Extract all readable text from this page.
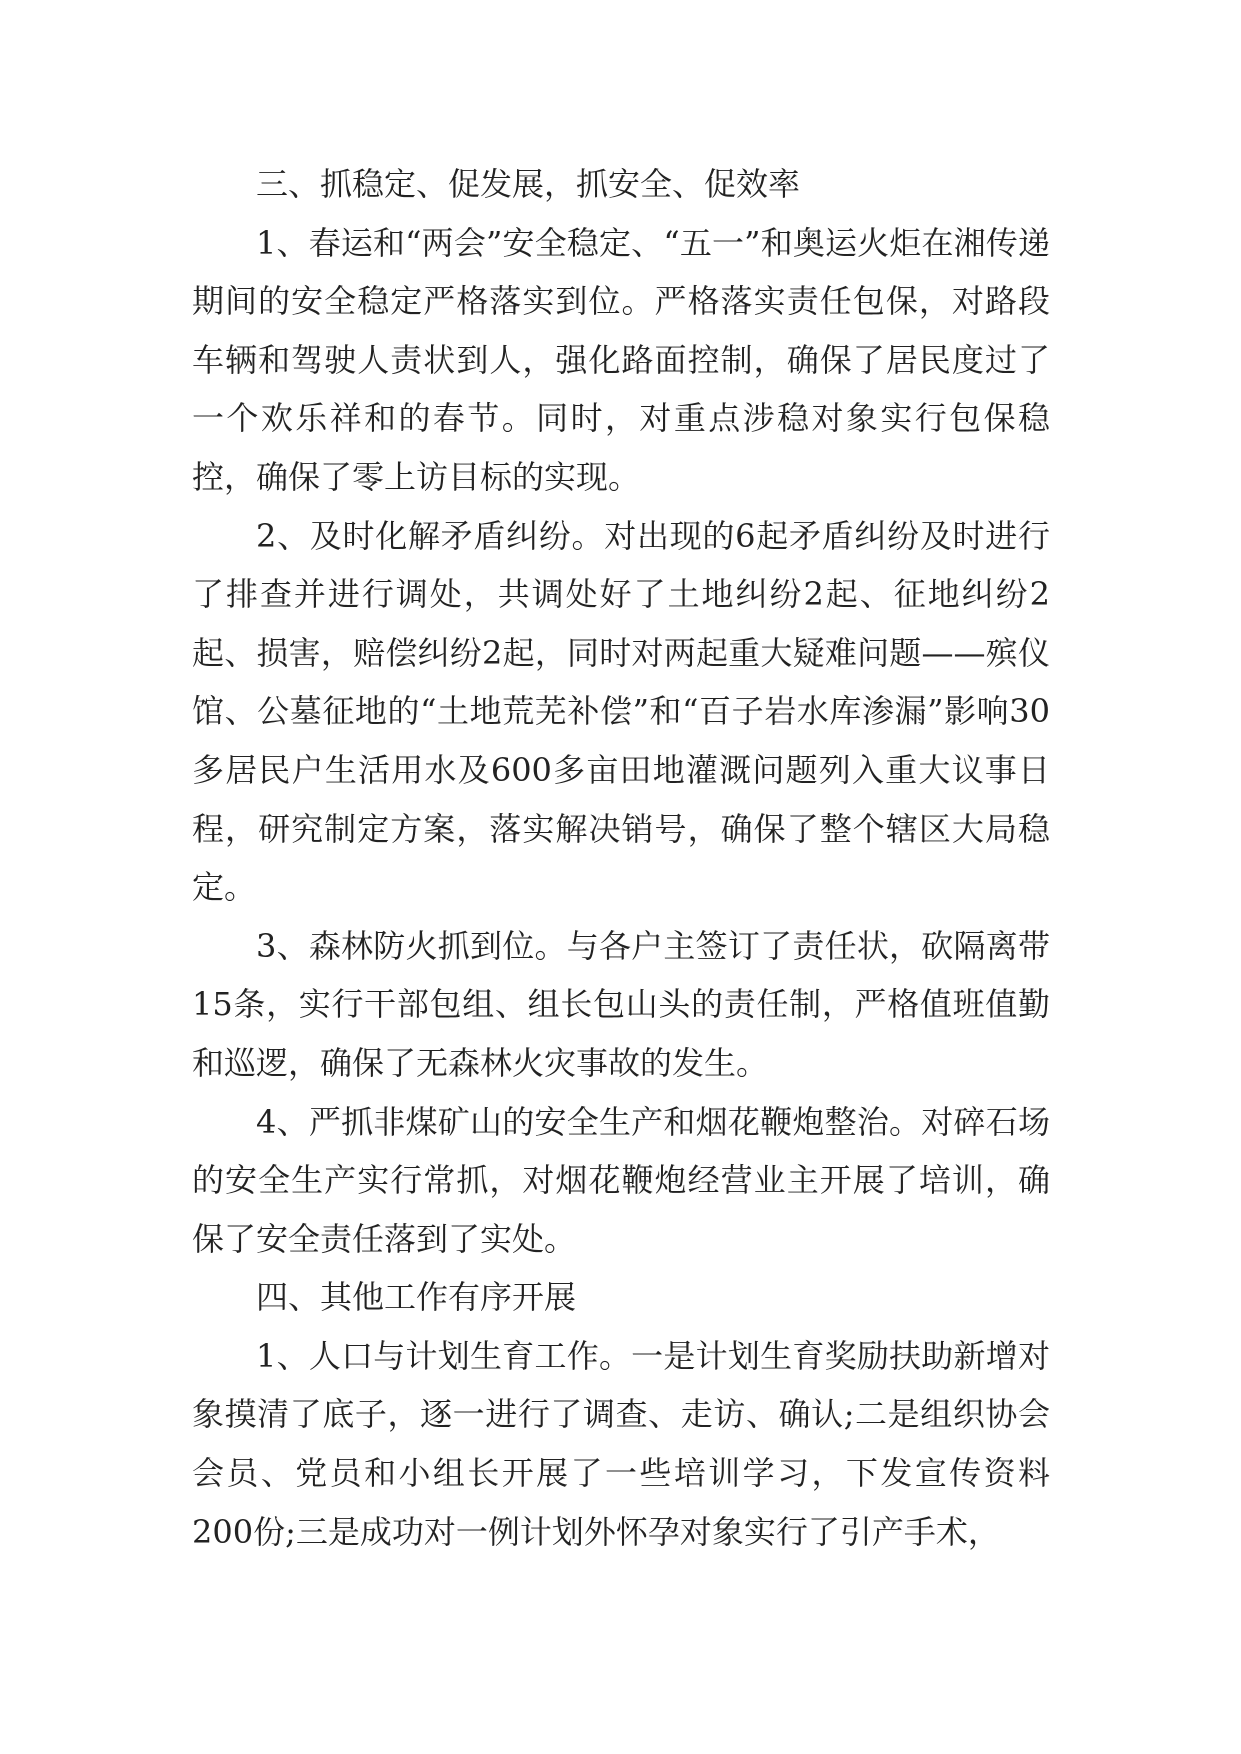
三、抓稳定、促发展，抓安全、促效率

1、春运和“两会”安全稳定、“五一”和奥运火炬在湘传递期间的安全稳定严格落实到位。严格落实责任包保，对路段车辆和驾驶人责状到人，强化路面控制，确保了居民度过了一个欢乐祥和的春节。同时，对重点涉稳对象实行包保稳控，确保了零上访目标的实现。

2、及时化解矛盾纠纷。对出现的6起矛盾纠纷及时进行了排查并进行调处，共调处好了土地纠纷2起、征地纠纷2起、损害，赔偿纠纷2起，同时对两起重大疑难问题——殡仪馆、公墓征地的“土地荒芜补偿”和“百子岩水库渗漏”影响30多居民户生活用水及600多亩田地灌溉问题列入重大议事日程，研究制定方案，落实解决销号，确保了整个辖区大局稳定。

3、森林防火抓到位。与各户主签订了责任状，砍隔离带15条，实行干部包组、组长包山头的责任制，严格值班值勤和巡逻，确保了无森林火灾事故的发生。

4、严抓非煤矿山的安全生产和烟花鞭炮整治。对碎石场的安全生产实行常抓，对烟花鞭炮经营业主开展了培训，确保了安全责任落到了实处。

四、其他工作有序开展

1、人口与计划生育工作。一是计划生育奖励扶助新增对象摸清了底子，逐一进行了调查、走访、确认;二是组织协会会员、党员和小组长开展了一些培训学习，下发宣传资料200份;三是成功对一例计划外怀孕对象实行了引产手术，
